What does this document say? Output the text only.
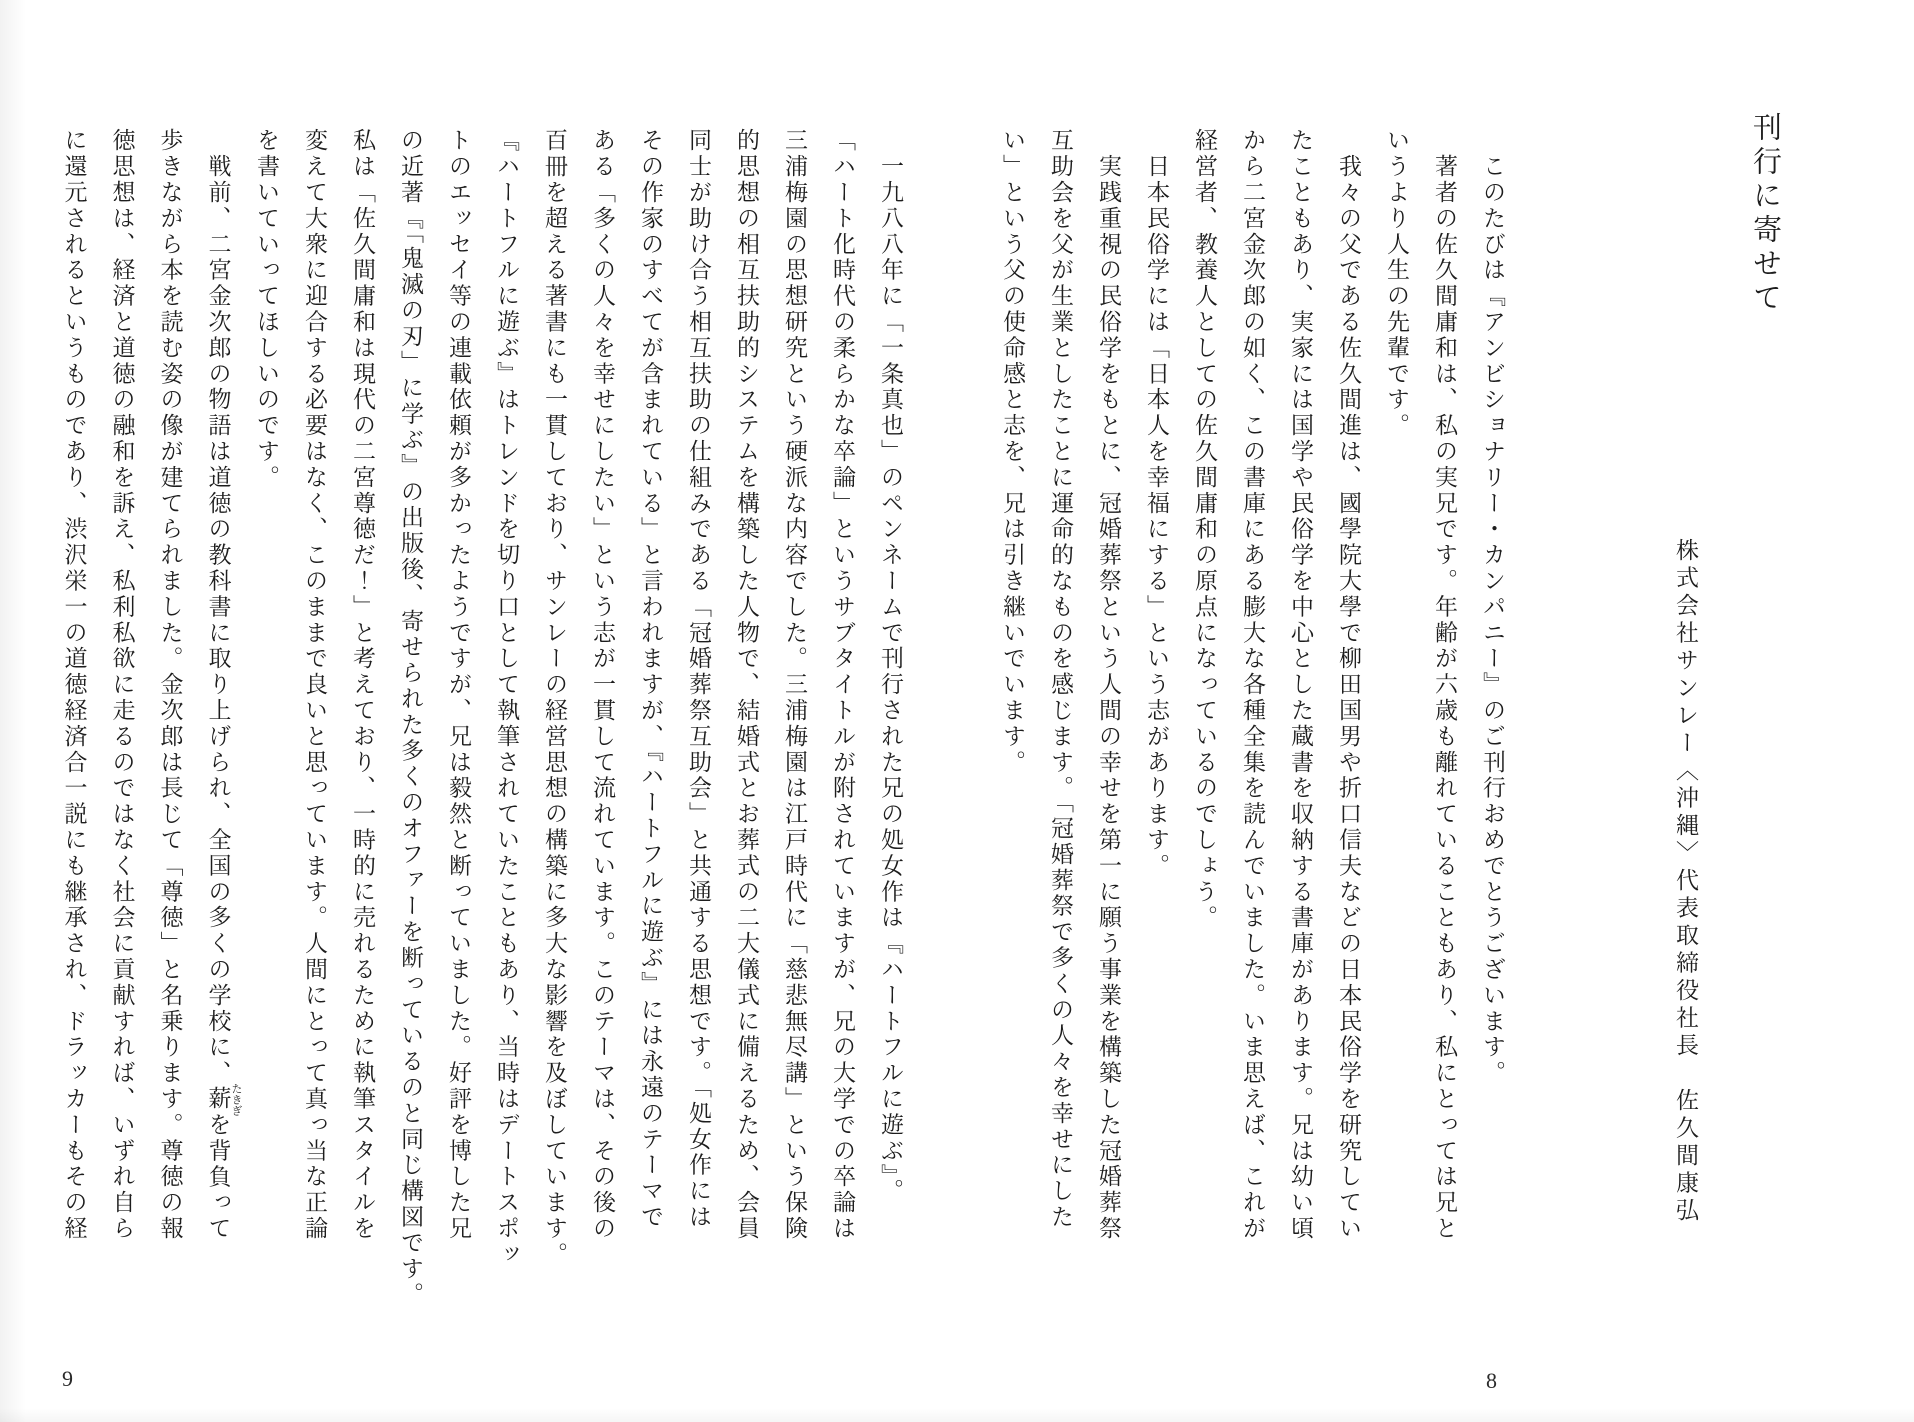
刊行に寄せて
株式会社サンレー〈沖縄〉代表取締役社長　佐久間康弘

　このたびは『アンビショナリー・カンパニー』のご刊行おめでとうございます。

　著者の佐久間庸和は、私の実兄です。年齢が六歳も離れていることもあり、私にとっては兄と

いうより人生の先輩です。

　我々の父である佐久間進は、國學院大學で柳田国男や折口信夫などの日本民俗学を研究してい

たこともあり、実家には国学や民俗学を中心とした蔵書を収納する書庫があります。兄は幼い頃

から二宮金次郎の如く、この書庫にある膨大な各種全集を読んでいました。いま思えば、これが

経営者、教養人としての佐久間庸和の原点になっているのでしょう。

　日本民俗学には「日本人を幸福にする」という志があります。

　実践重視の民俗学をもとに、冠婚葬祭という人間の幸せを第一に願う事業を構築した冠婚葬祭

互助会を父が生業としたことに運命的なものを感じます。「冠婚葬祭で多くの人々を幸せにした

い」という父の使命感と志を、兄は引き継いでいます。

8

　一九八八年に「一条真也」のペンネームで刊行された兄の処女作は『ハートフルに遊ぶ』。

「ハート化時代の柔らかな卒論」というサブタイトルが附されていますが、兄の大学での卒論は

三浦梅園の思想研究という硬派な内容でした。三浦梅園は江戸時代に「慈悲無尽講」という保険

的思想の相互扶助的システムを構築した人物で、結婚式とお葬式の二大儀式に備えるため、会員

同士が助け合う相互扶助の仕組みである「冠婚葬祭互助会」と共通する思想です。「処女作には

その作家のすべてが含まれている」と言われますが、『ハートフルに遊ぶ』には永遠のテーマで

ある「多くの人々を幸せにしたい」という志が一貫して流れています。このテーマは、その後の

百冊を超える著書にも一貫しており、サンレーの経営思想の構築に多大な影響を及ぼしています。

『ハートフルに遊ぶ』はトレンドを切り口として執筆されていたこともあり、当時はデートスポッ

トのエッセイ等の連載依頼が多かったようですが、兄は毅然と断っていました。好評を博した兄

の近著『「鬼滅の刃」に学ぶ』の出版後、寄せられた多くのオファーを断っているのと同じ構図です。

私は「佐久間庸和は現代の二宮尊徳だ！」と考えており、一時的に売れるために執筆スタイルを

変えて大衆に迎合する必要はなく、このままで良いと思っています。人間にとって真っ当な正論

を書いていってほしいのです。

　戦前、二宮金次郎の物語は道徳の教科書に取り上げられ、全国の多くの学校に、薪 たきぎを背負って

歩きながら本を読む姿の像が建てられました。金次郎は長じて「尊徳」と名乗ります。尊徳の報

徳思想は、経済と道徳の融和を訴え、私利私欲に走るのではなく社会に貢献すれば、いずれ自ら

に還元されるというものであり、渋沢栄一の道徳経済合一説にも継承され、ドラッカーもその経

9
